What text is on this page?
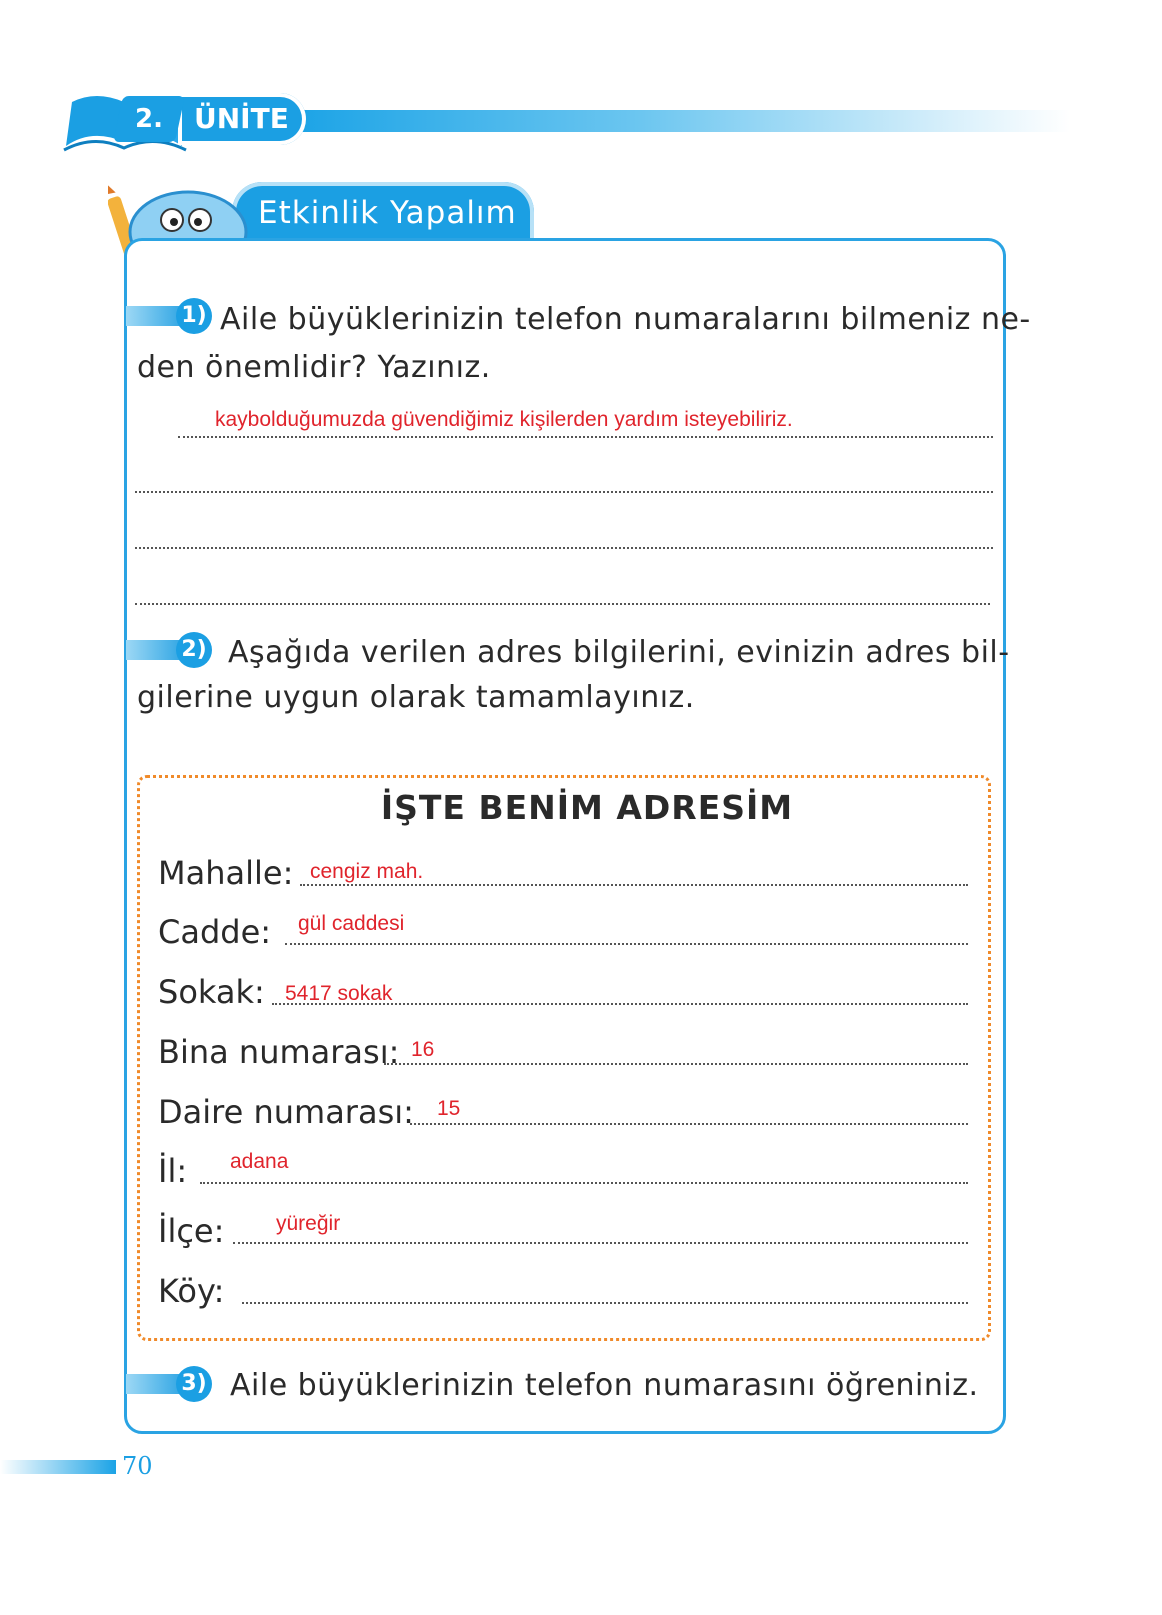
ÜNİTE
2.
Etkinlik Yapalım
1) Aile büyüklerinizin telefon numaralarını bilmeniz ne-
den önemlidir? Yazınız.
kaybolduğumuzda güvendiğimiz kişilerden yardım isteyebiliriz.
2) Aşağıda verilen adres bilgilerini, evinizin adres bil-
gilerine uygun olarak tamamlayınız.
İŞTE BENİM ADRESİM
Mahalle: cengiz mah.
Cadde: gül caddesi
Sokak: 5417 sokak
Bina numarası: 16
Daire numarası: 15
İl: adana
İlçe: yüreğir
Köy:
3) Aile büyüklerinizin telefon numarasını öğreniniz.
70
